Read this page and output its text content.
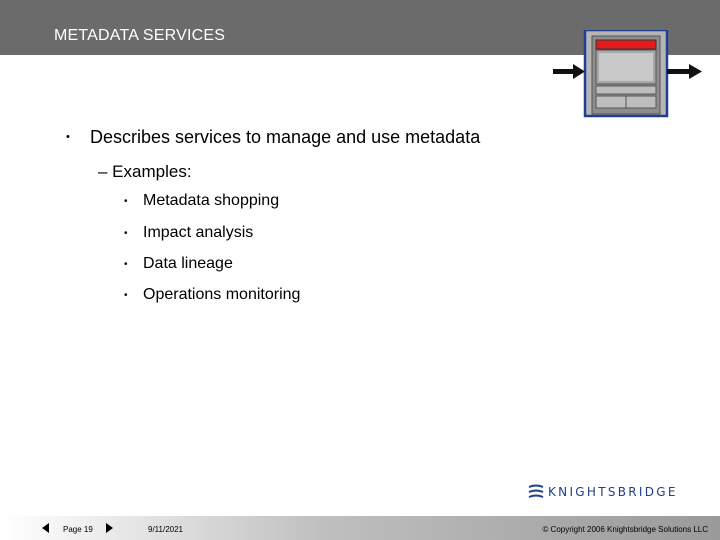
METADATA SERVICES
• Describes services to manage and use metadata
– Examples:
• Metadata shopping
• Impact analysis
• Data lineage
• Operations monitoring
KNIGHTSBRIDGE
Page 19	9/11/2021	© Copyright 2006 Knightsbridge Solutions LLC
